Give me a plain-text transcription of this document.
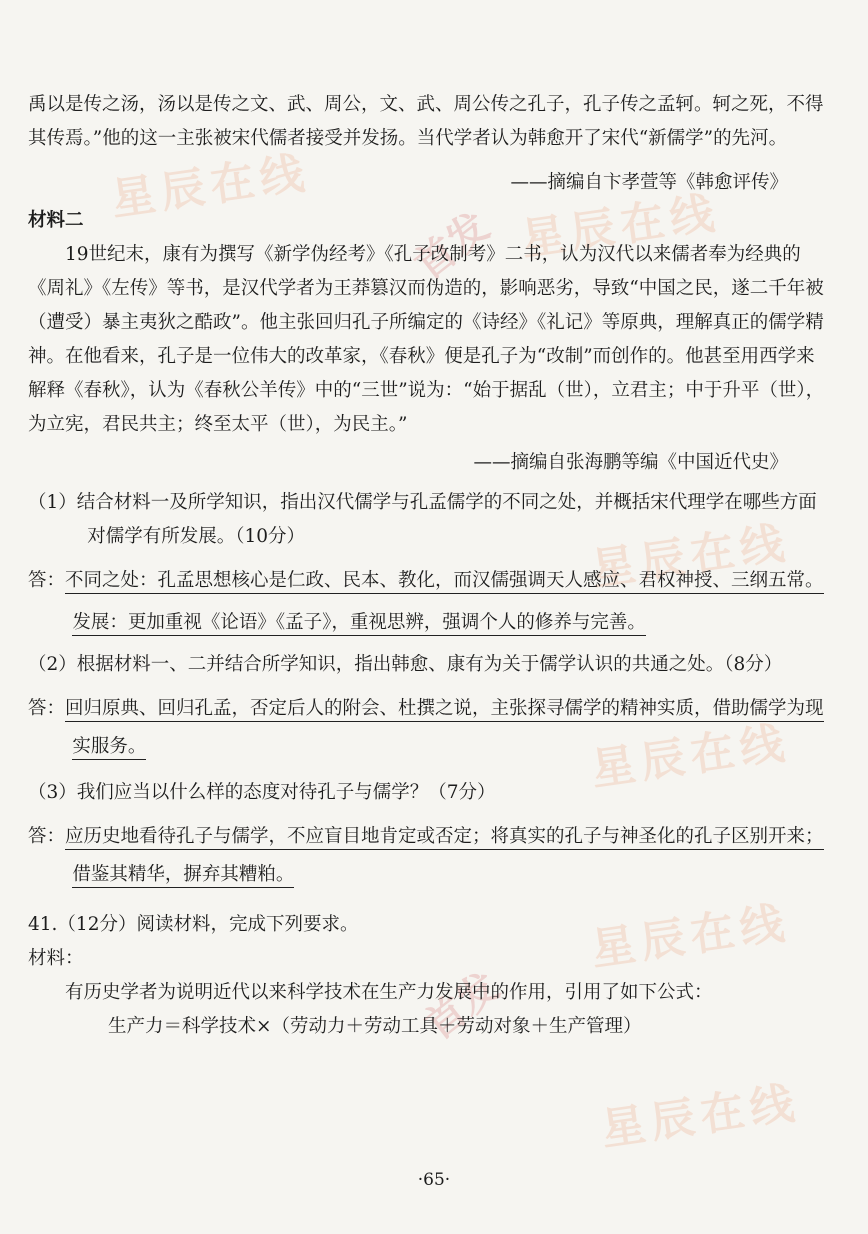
星辰在线
星辰在线
星辰在线
星辰在线
星辰在线
星辰在线
首发
首发

禹以是传之汤，汤以是传之文、武、周公，文、武、周公传之孔子，孔子传之孟轲。轲之死，不得其传焉。”他的这一主张被宋代儒者接受并发扬。当代学者认为韩愈开了宋代“新儒学”的先河。

——摘编自卞孝萱等《韩愈评传》

材料二

19世纪末，康有为撰写《新学伪经考》《孔子改制考》二书，认为汉代以来儒者奉为经典的《周礼》《左传》等书，是汉代学者为王莽篡汉而伪造的，影响恶劣，导致“中国之民，遂二千年被（遭受）暴主夷狄之酷政”。他主张回归孔子所编定的《诗经》《礼记》等原典，理解真正的儒学精神。在他看来，孔子是一位伟大的改革家，《春秋》便是孔子为“改制”而创作的。他甚至用西学来解释《春秋》，认为《春秋公羊传》中的“三世”说为：“始于据乱（世），立君主；中于升平（世），为立宪，君民共主；终至太平（世），为民主。”

——摘编自张海鹏等编《中国近代史》

（1）结合材料一及所学知识，指出汉代儒学与孔孟儒学的不同之处，并概括宋代理学在哪些方面对儒学有所发展。（10分）

答：不同之处：孔孟思想核心是仁政、民本、教化，而汉儒强调天人感应、君权神授、三纲五常。

发展：更加重视《论语》《孟子》，重视思辨，强调个人的修养与完善。

（2）根据材料一、二并结合所学知识，指出韩愈、康有为关于儒学认识的共通之处。（8分）

答：回归原典、回归孔孟，否定后人的附会、杜撰之说，主张探寻儒学的精神实质，借助儒学为现实服务。

（3）我们应当以什么样的态度对待孔子与儒学？（7分）

答：应历史地看待孔子与儒学，不应盲目地肯定或否定；将真实的孔子与神圣化的孔子区别开来；借鉴其精华，摒弃其糟粕。

41.（12分）阅读材料，完成下列要求。

材料：

有历史学者为说明近代以来科学技术在生产力发展中的作用，引用了如下公式：

生产力＝科学技术×（劳动力＋劳动工具＋劳动对象＋生产管理）

·65·
